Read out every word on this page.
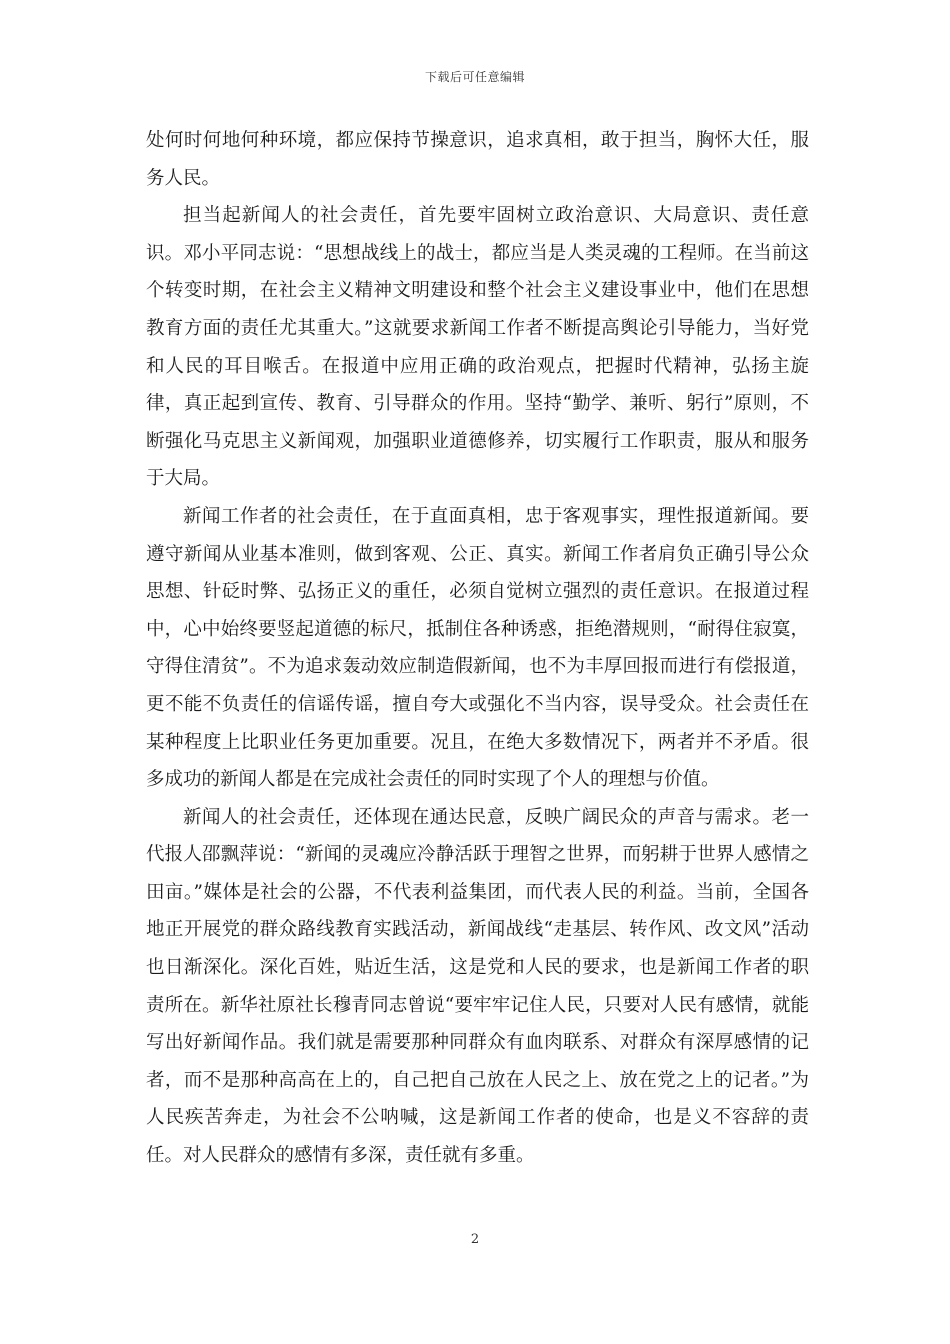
下载后可任意编辑

处何时何地何种环境，都应保持节操意识，追求真相，敢于担当，胸怀大任，服务人民。

担当起新闻人的社会责任，首先要牢固树立政治意识、大局意识、责任意识。邓小平同志说：“思想战线上的战士，都应当是人类灵魂的工程师。在当前这个转变时期，在社会主义精神文明建设和整个社会主义建设事业中，他们在思想教育方面的责任尤其重大。”这就要求新闻工作者不断提高舆论引导能力，当好党和人民的耳目喉舌。在报道中应用正确的政治观点，把握时代精神，弘扬主旋律，真正起到宣传、教育、引导群众的作用。坚持“勤学、兼听、躬行”原则，不断强化马克思主义新闻观，加强职业道德修养，切实履行工作职责，服从和服务于大局。

新闻工作者的社会责任，在于直面真相，忠于客观事实，理性报道新闻。要遵守新闻从业基本准则，做到客观、公正、真实。新闻工作者肩负正确引导公众思想、针砭时弊、弘扬正义的重任，必须自觉树立强烈的责任意识。在报道过程中，心中始终要竖起道德的标尺，抵制住各种诱惑，拒绝潜规则，“耐得住寂寞，守得住清贫”。不为追求轰动效应制造假新闻，也不为丰厚回报而进行有偿报道，更不能不负责任的信谣传谣，擅自夸大或强化不当内容，误导受众。社会责任在某种程度上比职业任务更加重要。况且，在绝大多数情况下，两者并不矛盾。很多成功的新闻人都是在完成社会责任的同时实现了个人的理想与价值。

新闻人的社会责任，还体现在通达民意，反映广阔民众的声音与需求。老一代报人邵飘萍说：“新闻的灵魂应冷静活跃于理智之世界，而躬耕于世界人感情之田亩。”媒体是社会的公器，不代表利益集团，而代表人民的利益。当前，全国各地正开展党的群众路线教育实践活动，新闻战线“走基层、转作风、改文风”活动也日渐深化。深化百姓，贴近生活，这是党和人民的要求，也是新闻工作者的职责所在。新华社原社长穆青同志曾说“要牢牢记住人民，只要对人民有感情，就能写出好新闻作品。我们就是需要那种同群众有血肉联系、对群众有深厚感情的记者，而不是那种高高在上的，自己把自己放在人民之上、放在党之上的记者。”为人民疾苦奔走，为社会不公呐喊，这是新闻工作者的使命，也是义不容辞的责任。对人民群众的感情有多深，责任就有多重。

2
